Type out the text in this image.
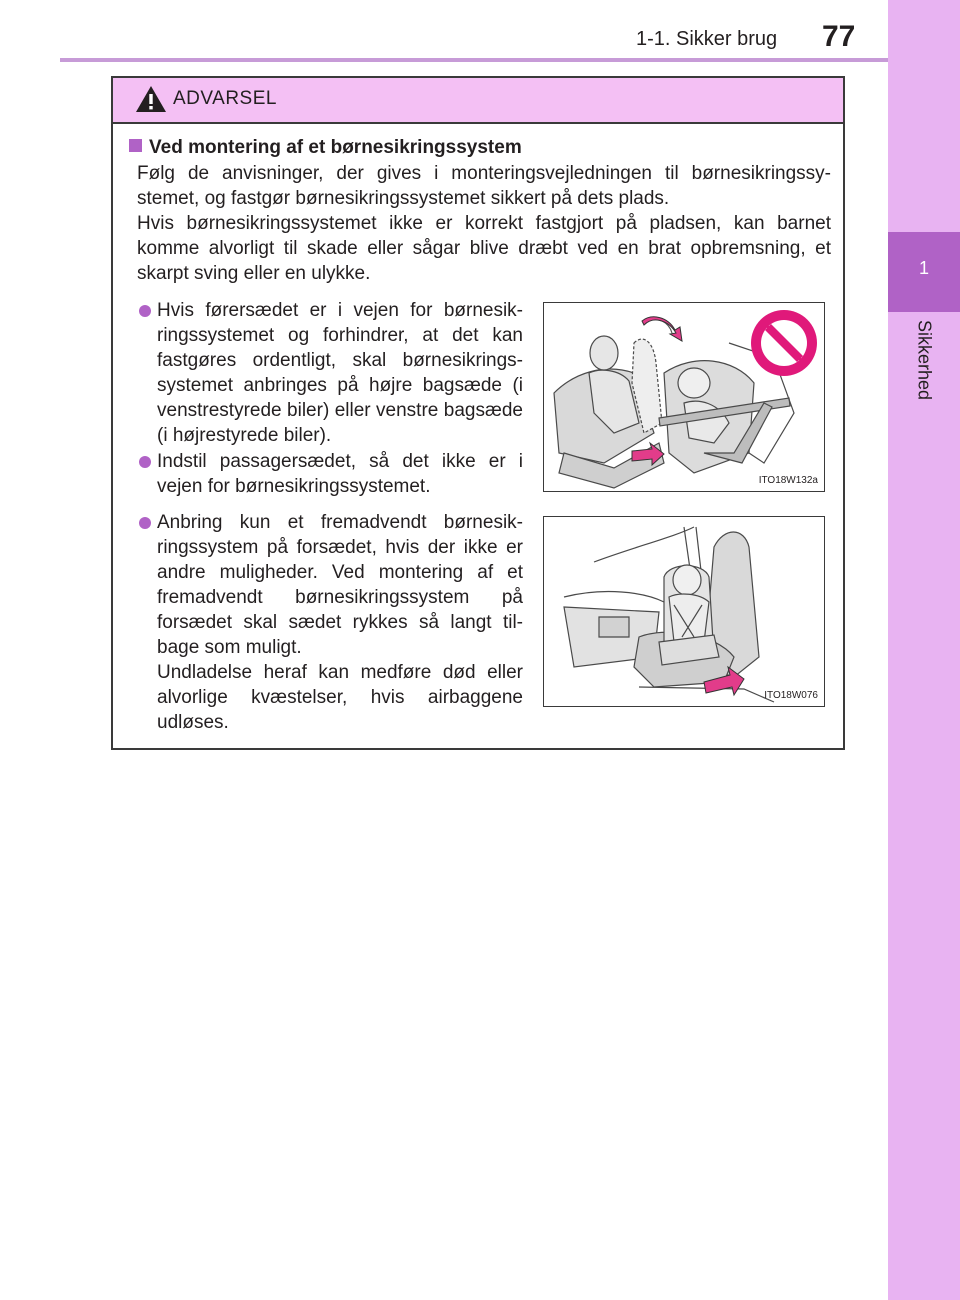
1-1. Sikker brug 77
1
Sikkerhed
ADVARSEL
Ved montering af et børnesikringssystem

Følg de anvisninger, der gives i monteringsvejledningen til børnesikringssy-stemet, og fastgør børnesikringssystemet sikkert på dets plads.

Hvis børnesikringssystemet ikke er korrekt fastgjort på pladsen, kan barnet komme alvorligt til skade eller sågar blive dræbt ved en brat opbremsning, et skarpt sving eller en ulykke.

Hvis førersædet er i vejen for børnesik-ringssystemet og forhindrer, at det kan fastgøres ordentligt, skal børnesikrings-systemet anbringes på højre bagsæde (i venstrestyrede biler) eller venstre bagsæde (i højrestyrede biler).
Indstil passagersædet, så det ikke er i vejen for børnesikringssystemet.
Anbring kun et fremadvendt børnesik-ringssystem på forsædet, hvis der ikke er andre muligheder. Ved montering af et fremadvendt børnesikringssystem på forsædet skal sædet rykkes så langt til-bage som muligt.
Undladelse heraf kan medføre død eller alvorlige kvæstelser, hvis airbaggene udløses.
ITO18W132a
ITO18W076
